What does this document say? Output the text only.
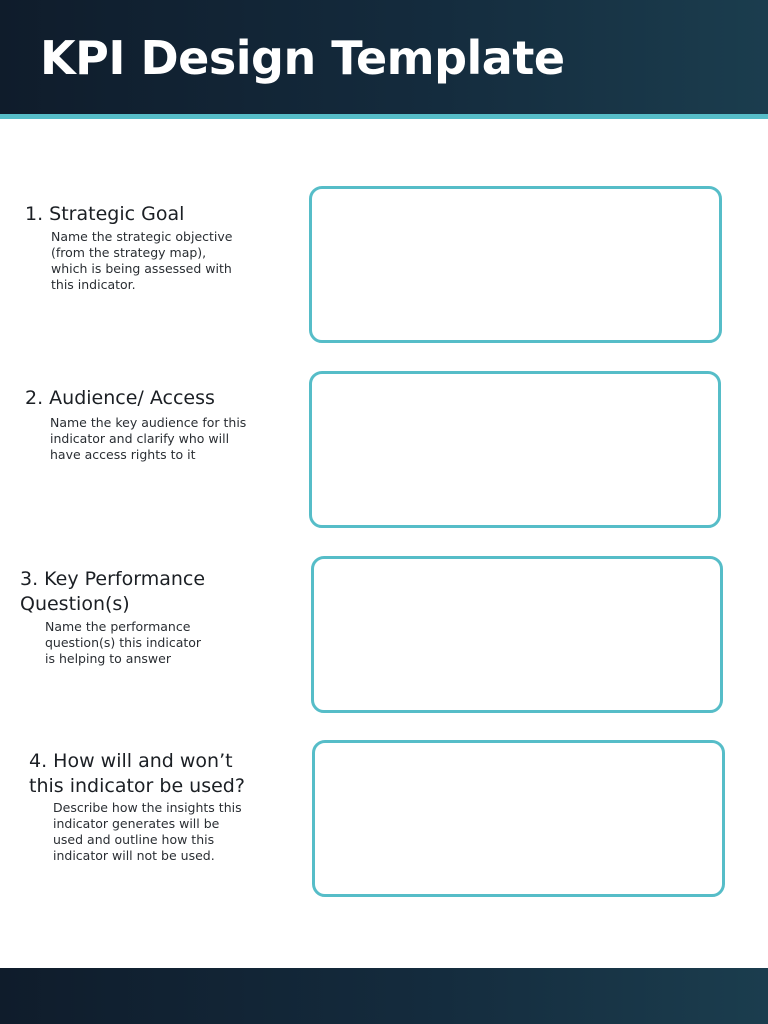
KPI Design Template

1. Strategic Goal

Name the strategic objective
(from the strategy map),
which is being assessed with
this indicator.

2. Audience/ Access

Name the key audience for this
indicator and clarify who will
have access rights to it

3. Key Performance
Question(s)

Name the performance
question(s) this indicator
is helping to answer

4. How will and won’t
this indicator be used?

Describe how the insights this
indicator generates will be
used and outline how this
indicator will not be used.
